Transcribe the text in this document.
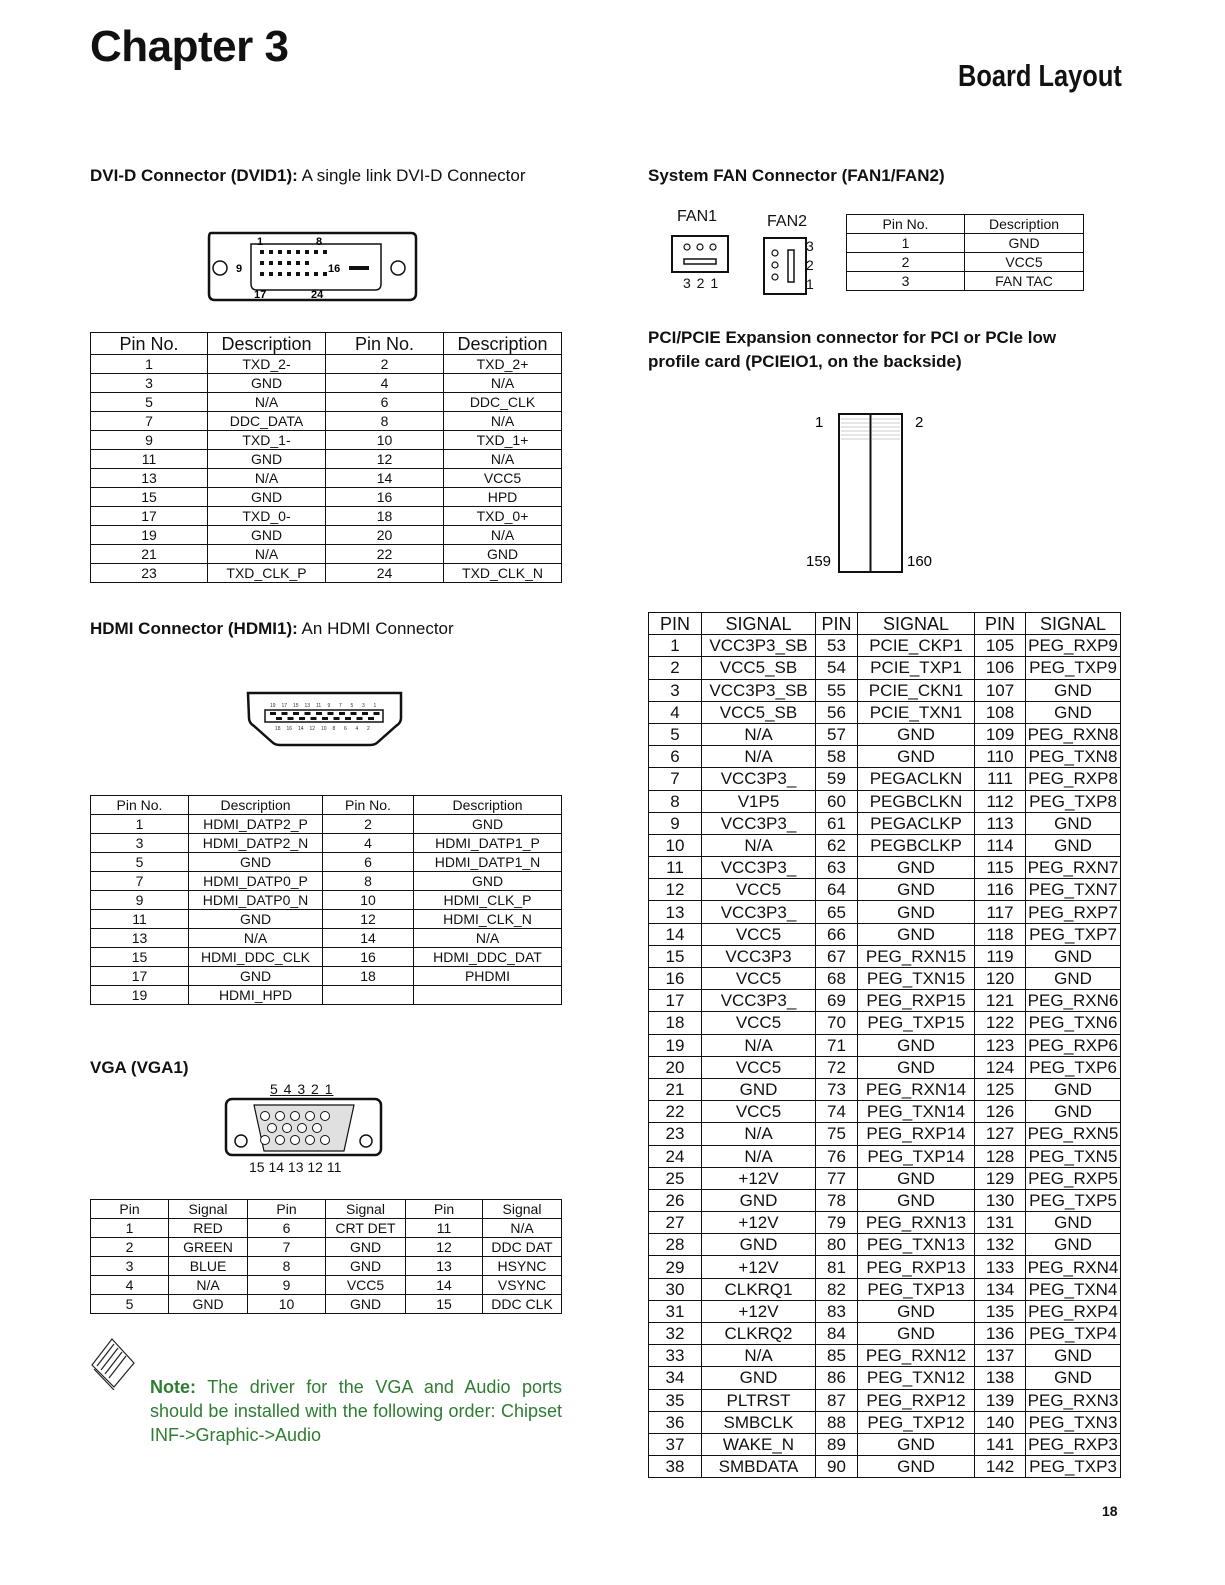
Chapter 3
Board Layout
DVI-D Connector (DVID1): A single link DVI-D Connector
1	8
9	16
17	24
Pin No.	Description	Pin No.	Description
1	TXD_2-	2	TXD_2+
3	GND	4	N/A
5	N/A	6	DDC_CLK
7	DDC_DATA	8	N/A
9	TXD_1-	10	TXD_1+
11	GND	12	N/A
13	N/A	14	VCC5
15	GND	16	HPD
17	TXD_0-	18	TXD_0+
19	GND	20	N/A
21	N/A	22	GND
23	TXD_CLK_P	24	TXD_CLK_N
HDMI Connector (HDMI1): An HDMI Connector
19 17 15 13 11 9 7 5 3 1
18 16 14 12 10 8 6 4 2
Pin No.	Description	Pin No.	Description
1	HDMI_DATP2_P	2	GND
3	HDMI_DATP2_N	4	HDMI_DATP1_P
5	GND	6	HDMI_DATP1_N
7	HDMI_DATP0_P	8	GND
9	HDMI_DATP0_N	10	HDMI_CLK_P
11	GND	12	HDMI_CLK_N
13	N/A	14	N/A
15	HDMI_DDC_CLK	16	HDMI_DDC_DAT
17	GND	18	PHDMI
19	HDMI_HPD		
VGA (VGA1)
5 4 3 2 1
15 14 13 12 11
Pin	Signal	Pin	Signal	Pin	Signal
1	RED	6	CRT DET	11	N/A
2	GREEN	7	GND	12	DDC DAT
3	BLUE	8	GND	13	HSYNC
4	N/A	9	VCC5	14	VSYNC
5	GND	10	GND	15	DDC CLK
Note: The driver for the VGA and Audio ports should be installed with the following order: Chipset INF->Graphic->Audio
System FAN Connector (FAN1/FAN2)
FAN1	FAN2
3 2 1
3
2
1
Pin No.	Description
1	GND
2	VCC5
3	FAN TAC
PCI/PCIE Expansion connector for PCI or PCIe low
profile card (PCIEIO1, on the backside)
1	2
159	160
PIN	SIGNAL	PIN	SIGNAL	PIN	SIGNAL
1	VCC3P3_SB	53	PCIE_CKP1	105	PEG_RXP9
2	VCC5_SB	54	PCIE_TXP1	106	PEG_TXP9
3	VCC3P3_SB	55	PCIE_CKN1	107	GND
4	VCC5_SB	56	PCIE_TXN1	108	GND
5	N/A	57	GND	109	PEG_RXN8
6	N/A	58	GND	110	PEG_TXN8
7	VCC3P3_	59	PEGACLKN	111	PEG_RXP8
8	V1P5	60	PEGBCLKN	112	PEG_TXP8
9	VCC3P3_	61	PEGACLKP	113	GND
10	N/A	62	PEGBCLKP	114	GND
11	VCC3P3_	63	GND	115	PEG_RXN7
12	VCC5	64	GND	116	PEG_TXN7
13	VCC3P3_	65	GND	117	PEG_RXP7
14	VCC5	66	GND	118	PEG_TXP7
15	VCC3P3	67	PEG_RXN15	119	GND
16	VCC5	68	PEG_TXN15	120	GND
17	VCC3P3_	69	PEG_RXP15	121	PEG_RXN6
18	VCC5	70	PEG_TXP15	122	PEG_TXN6
19	N/A	71	GND	123	PEG_RXP6
20	VCC5	72	GND	124	PEG_TXP6
21	GND	73	PEG_RXN14	125	GND
22	VCC5	74	PEG_TXN14	126	GND
23	N/A	75	PEG_RXP14	127	PEG_RXN5
24	N/A	76	PEG_TXP14	128	PEG_TXN5
25	+12V	77	GND	129	PEG_RXP5
26	GND	78	GND	130	PEG_TXP5
27	+12V	79	PEG_RXN13	131	GND
28	GND	80	PEG_TXN13	132	GND
29	+12V	81	PEG_RXP13	133	PEG_RXN4
30	CLKRQ1	82	PEG_TXP13	134	PEG_TXN4
31	+12V	83	GND	135	PEG_RXP4
32	CLKRQ2	84	GND	136	PEG_TXP4
33	N/A	85	PEG_RXN12	137	GND
34	GND	86	PEG_TXN12	138	GND
35	PLTRST	87	PEG_RXP12	139	PEG_RXN3
36	SMBCLK	88	PEG_TXP12	140	PEG_TXN3
37	WAKE_N	89	GND	141	PEG_RXP3
38	SMBDATA	90	GND	142	PEG_TXP3
18
